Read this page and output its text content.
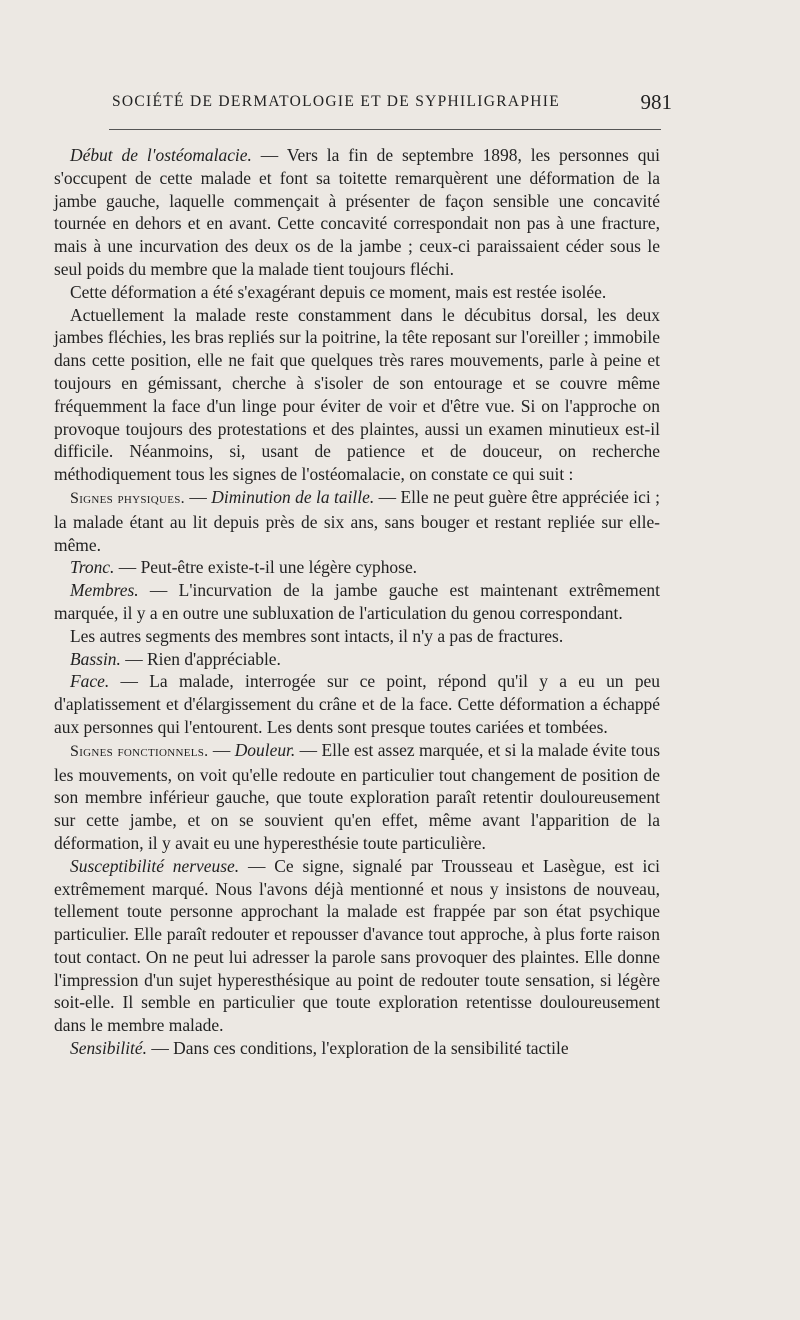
SOCIÉTÉ DE DERMATOLOGIE ET DE SYPHILIGRAPHIE	981

Début de l'ostéomalacie. — Vers la fin de septembre 1898, les personnes qui s'occupent de cette malade et font sa toitette remarquèrent une déformation de la jambe gauche, laquelle commençait à présenter de façon sensible une concavité tournée en dehors et en avant. Cette concavité correspondait non pas à une fracture, mais à une incurvation des deux os de la jambe ; ceux-ci paraissaient céder sous le seul poids du membre que la malade tient toujours fléchi.

Cette déformation a été s'exagérant depuis ce moment, mais est restée isolée.

Actuellement la malade reste constamment dans le décubitus dorsal, les deux jambes fléchies, les bras repliés sur la poitrine, la tête reposant sur l'oreiller ; immobile dans cette position, elle ne fait que quelques très rares mouvements, parle à peine et toujours en gémissant, cherche à s'isoler de son entourage et se couvre même fréquemment la face d'un linge pour éviter de voir et d'être vue. Si on l'approche on provoque toujours des protestations et des plaintes, aussi un examen minutieux est-il difficile. Néanmoins, si, usant de patience et de douceur, on recherche méthodiquement tous les signes de l'ostéomalacie, on constate ce qui suit :

Signes physiques. — Diminution de la taille. — Elle ne peut guère être appréciée ici ; la malade étant au lit depuis près de six ans, sans bouger et restant repliée sur elle-même.

Tronc. — Peut-être existe-t-il une légère cyphose.

Membres. — L'incurvation de la jambe gauche est maintenant extrêmement marquée, il y a en outre une subluxation de l'articulation du genou correspondant.

Les autres segments des membres sont intacts, il n'y a pas de fractures.

Bassin. — Rien d'appréciable.

Face. — La malade, interrogée sur ce point, répond qu'il y a eu un peu d'aplatissement et d'élargissement du crâne et de la face. Cette déformation a échappé aux personnes qui l'entourent. Les dents sont presque toutes cariées et tombées.

Signes fonctionnels. — Douleur. — Elle est assez marquée, et si la malade évite tous les mouvements, on voit qu'elle redoute en particulier tout changement de position de son membre inférieur gauche, que toute exploration paraît retentir douloureusement sur cette jambe, et on se souvient qu'en effet, même avant l'apparition de la déformation, il y avait eu une hyperesthésie toute particulière.

Susceptibilité nerveuse. — Ce signe, signalé par Trousseau et Lasègue, est ici extrêmement marqué. Nous l'avons déjà mentionné et nous y insistons de nouveau, tellement toute personne approchant la malade est frappée par son état psychique particulier. Elle paraît redouter et repousser d'avance tout approche, à plus forte raison tout contact. On ne peut lui adresser la parole sans provoquer des plaintes. Elle donne l'impression d'un sujet hyperesthésique au point de redouter toute sensation, si légère soit-elle. Il semble en particulier que toute exploration retentisse douloureusement dans le membre malade.

Sensibilité. — Dans ces conditions, l'exploration de la sensibilité tactile
